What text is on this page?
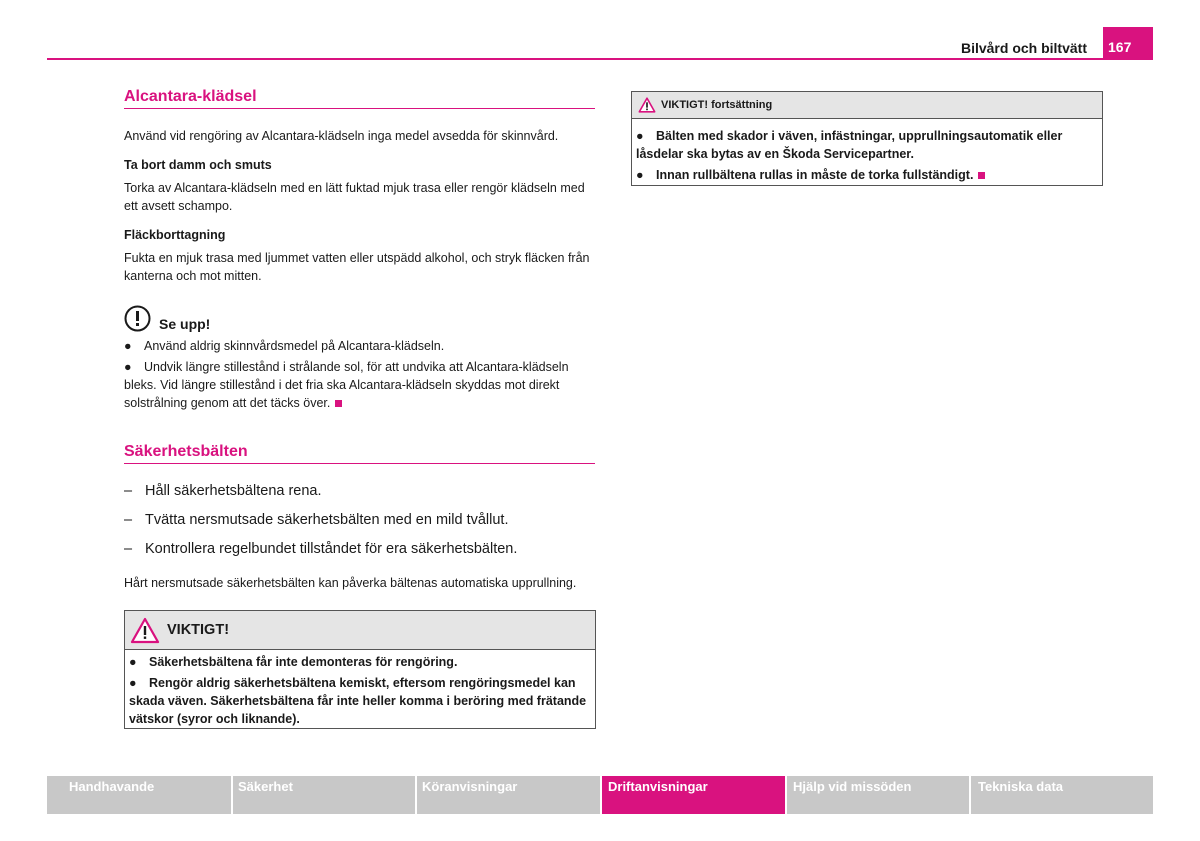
Bilvård och biltvätt	167
Alcantara-klädsel
Använd vid rengöring av Alcantara-klädseln inga medel avsedda för skinnvård.
Ta bort damm och smuts
Torka av Alcantara-klädseln med en lätt fuktad mjuk trasa eller rengör klädseln med ett avsett schampo.
Fläckborttagning
Fukta en mjuk trasa med ljummet vatten eller utspädd alkohol, och stryk fläcken från kanterna och mot mitten.
Se upp!
● Använd aldrig skinnvårdsmedel på Alcantara-klädseln.
● Undvik längre stillestånd i strålande sol, för att undvika att Alcantara-klädseln bleks. Vid längre stillestånd i det fria ska Alcantara-klädseln skyddas mot direkt solstrålning genom att det täcks över.
Säkerhetsbälten
– Håll säkerhetsbältena rena.
– Tvätta nersmutsade säkerhetsbälten med en mild tvållut.
– Kontrollera regelbundet tillståndet för era säkerhetsbälten.
Hårt nersmutsade säkerhetsbälten kan påverka bältenas automatiska upprullning.
VIKTIGT!
● Säkerhetsbältena får inte demonteras för rengöring.
● Rengör aldrig säkerhetsbältena kemiskt, eftersom rengöringsmedel kan skada väven. Säkerhetsbältena får inte heller komma i beröring med frätande vätskor (syror och liknande).
VIKTIGT! fortsättning
● Bälten med skador i väven, infästningar, upprullningsautomatik eller låsdelar ska bytas av en Škoda Servicepartner.
● Innan rullbältena rullas in måste de torka fullständigt.
Handhavande	Säkerhet	Köranvisningar	Driftanvisningar	Hjälp vid missöden	Tekniska data
